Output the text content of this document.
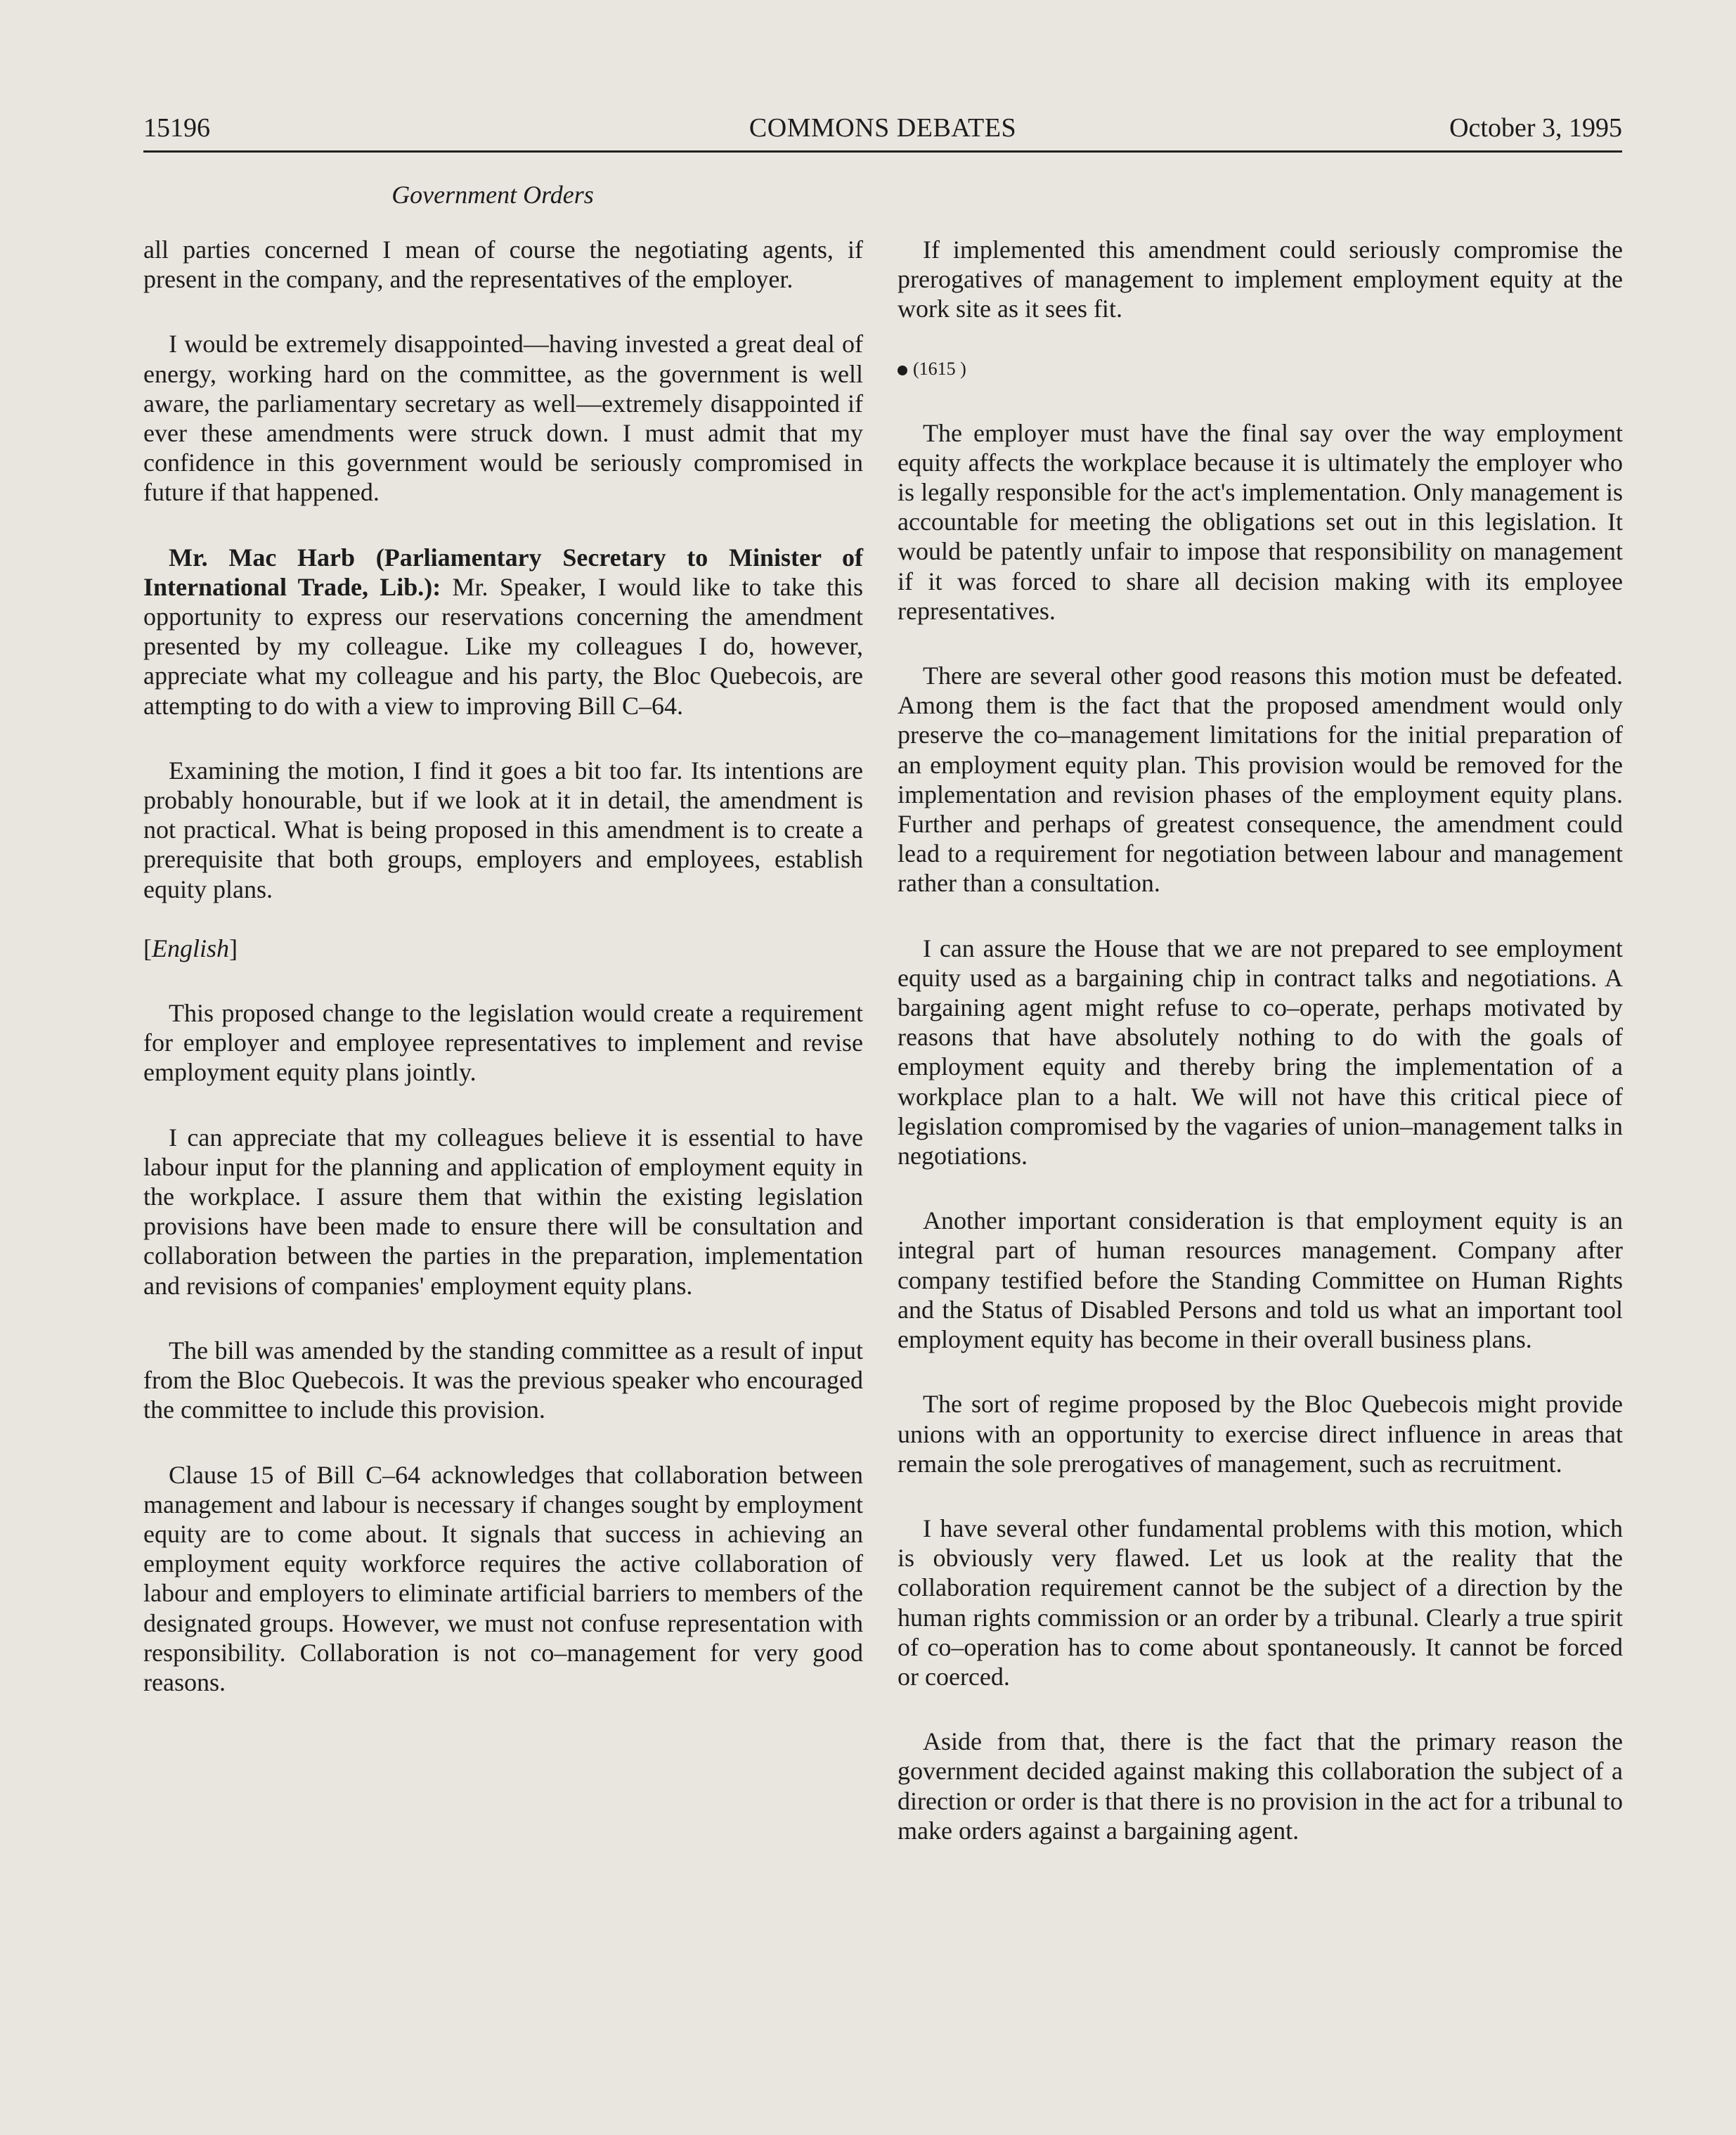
15196	COMMONS DEBATES	October 3, 1995
Government Orders

all parties concerned I mean of course the negotiating agents, if present in the company, and the representatives of the employer.

I would be extremely disappointed—having invested a great deal of energy, working hard on the committee, as the government is well aware, the parliamentary secretary as well—extremely disappointed if ever these amendments were struck down. I must admit that my confidence in this government would be seriously compromised in future if that happened.

Mr. Mac Harb (Parliamentary Secretary to Minister of International Trade, Lib.): Mr. Speaker, I would like to take this opportunity to express our reservations concerning the amendment presented by my colleague. Like my colleagues I do, however, appreciate what my colleague and his party, the Bloc Quebecois, are attempting to do with a view to improving Bill C–64.

Examining the motion, I find it goes a bit too far. Its intentions are probably honourable, but if we look at it in detail, the amendment is not practical. What is being proposed in this amendment is to create a prerequisite that both groups, employers and employees, establish equity plans.

[English]

This proposed change to the legislation would create a requirement for employer and employee representatives to implement and revise employment equity plans jointly.

I can appreciate that my colleagues believe it is essential to have labour input for the planning and application of employment equity in the workplace. I assure them that within the existing legislation provisions have been made to ensure there will be consultation and collaboration between the parties in the preparation, implementation and revisions of companies' employment equity plans.

The bill was amended by the standing committee as a result of input from the Bloc Quebecois. It was the previous speaker who encouraged the committee to include this provision.

Clause 15 of Bill C–64 acknowledges that collaboration between management and labour is necessary if changes sought by employment equity are to come about. It signals that success in achieving an employment equity workforce requires the active collaboration of labour and employers to eliminate artificial barriers to members of the designated groups. However, we must not confuse representation with responsibility. Collaboration is not co–management for very good reasons.

If implemented this amendment could seriously compromise the prerogatives of management to implement employment equity at the work site as it sees fit.

(1615 )

The employer must have the final say over the way employment equity affects the workplace because it is ultimately the employer who is legally responsible for the act's implementation. Only management is accountable for meeting the obligations set out in this legislation. It would be patently unfair to impose that responsibility on management if it was forced to share all decision making with its employee representatives.

There are several other good reasons this motion must be defeated. Among them is the fact that the proposed amendment would only preserve the co–management limitations for the initial preparation of an employment equity plan. This provision would be removed for the implementation and revision phases of the employment equity plans. Further and perhaps of greatest consequence, the amendment could lead to a requirement for negotiation between labour and management rather than a consultation.

I can assure the House that we are not prepared to see employment equity used as a bargaining chip in contract talks and negotiations. A bargaining agent might refuse to co–operate, perhaps motivated by reasons that have absolutely nothing to do with the goals of employment equity and thereby bring the implementation of a workplace plan to a halt. We will not have this critical piece of legislation compromised by the vagaries of union–management talks in negotiations.

Another important consideration is that employment equity is an integral part of human resources management. Company after company testified before the Standing Committee on Human Rights and the Status of Disabled Persons and told us what an important tool employment equity has become in their overall business plans.

The sort of regime proposed by the Bloc Quebecois might provide unions with an opportunity to exercise direct influence in areas that remain the sole prerogatives of management, such as recruitment.

I have several other fundamental problems with this motion, which is obviously very flawed. Let us look at the reality that the collaboration requirement cannot be the subject of a direction by the human rights commission or an order by a tribunal. Clearly a true spirit of co–operation has to come about spontaneously. It cannot be forced or coerced.

Aside from that, there is the fact that the primary reason the government decided against making this collaboration the subject of a direction or order is that there is no provision in the act for a tribunal to make orders against a bargaining agent.
